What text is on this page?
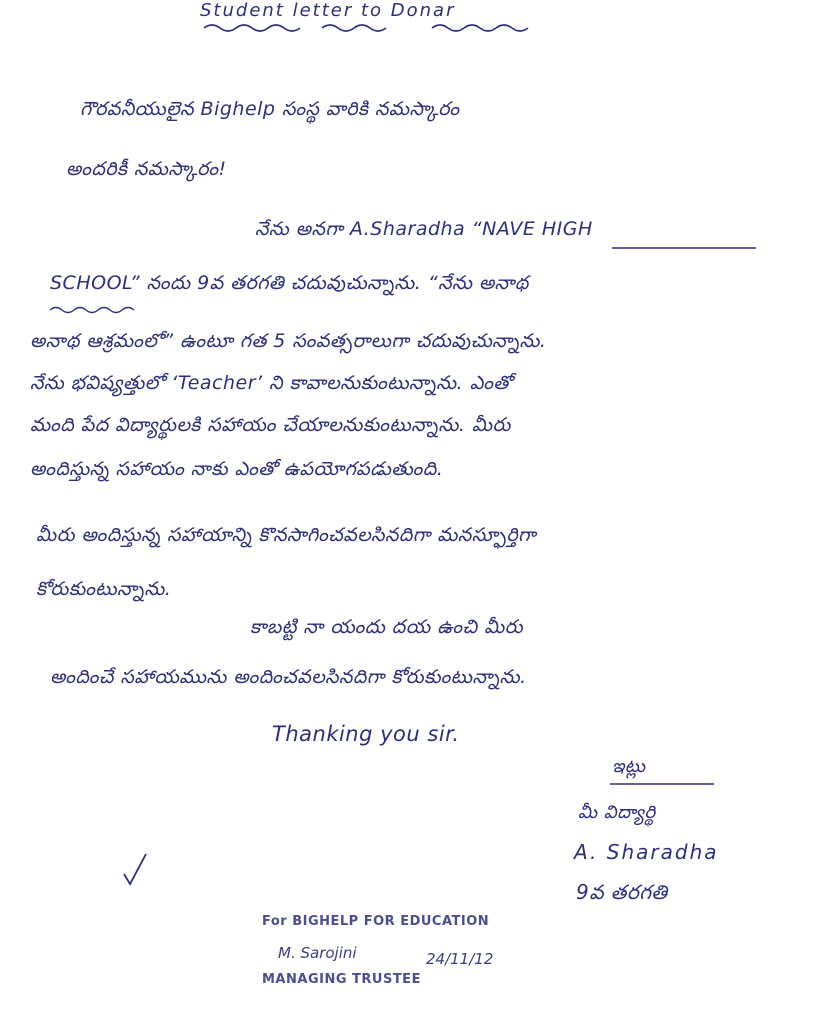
Student letter to Donar
గౌరవనీయులైన Bighelp సంస్థ వారికి నమస్కారం
అందరికీ నమస్కారం!
నేను అనగా A.Sharadha “NAVE HIGH
SCHOOL” నందు 9వ తరగతి చదువుచున్నాను. “నేను అనాథ
అనాథ ఆశ్రమంలో” ఉంటూ గత 5 సంవత్సరాలుగా చదువుచున్నాను.
నేను భవిష్యత్తులో ‘Teacher’ ని కావాలనుకుంటున్నాను. ఎంతో
మంది పేద విద్యార్థులకి సహాయం చేయాలనుకుంటున్నాను. మీరు
అందిస్తున్న సహాయం నాకు ఎంతో ఉపయోగపడుతుంది.
మీరు అందిస్తున్న సహాయాన్ని కొనసాగించవలసినదిగా మనస్ఫూర్తిగా
కోరుకుంటున్నాను.
కాబట్టి నా యందు దయ ఉంచి మీరు
అందించే సహాయమును అందించవలసినదిగా కోరుకుంటున్నాను.
Thanking you sir.
ఇట్లు
మీ విద్యార్థి
A. Sharadha
9వ తరగతి
For BIGHELP FOR EDUCATION
M. Sarojini	24/11/12
MANAGING TRUSTEE
